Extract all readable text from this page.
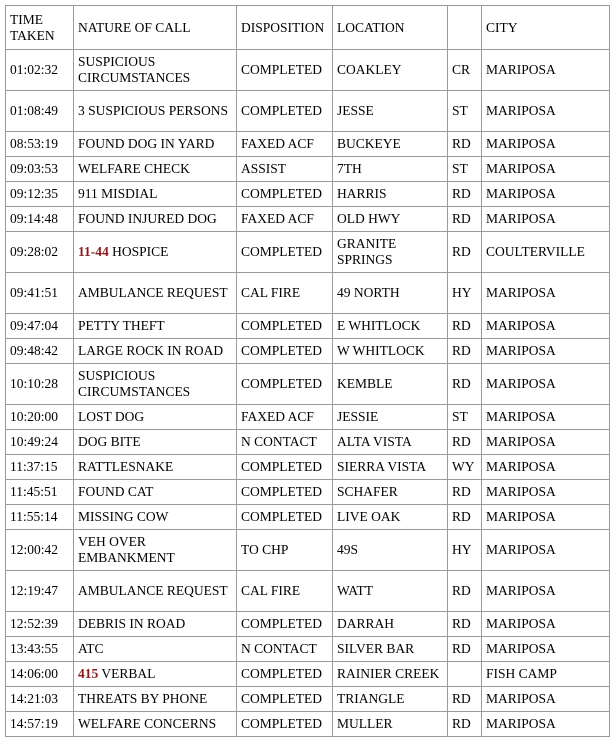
TIME TAKEN	NATURE OF CALL	DISPOSITION	LOCATION		CITY
01:02:32	SUSPICIOUS CIRCUMSTANCES	COMPLETED	COAKLEY	CR	MARIPOSA
01:08:49	3 SUSPICIOUS PERSONS	COMPLETED	JESSE	ST	MARIPOSA
08:53:19	FOUND DOG IN YARD	FAXED ACF	BUCKEYE	RD	MARIPOSA
09:03:53	WELFARE CHECK	ASSIST	7TH	ST	MARIPOSA
09:12:35	911 MISDIAL	COMPLETED	HARRIS	RD	MARIPOSA
09:14:48	FOUND INJURED DOG	FAXED ACF	OLD HWY	RD	MARIPOSA
09:28:02	11-44 HOSPICE	COMPLETED	GRANITE SPRINGS	RD	COULTERVILLE
09:41:51	AMBULANCE REQUEST	CAL FIRE	49 NORTH	HY	MARIPOSA
09:47:04	PETTY THEFT	COMPLETED	E WHITLOCK	RD	MARIPOSA
09:48:42	LARGE ROCK IN ROAD	COMPLETED	W WHITLOCK	RD	MARIPOSA
10:10:28	SUSPICIOUS CIRCUMSTANCES	COMPLETED	KEMBLE	RD	MARIPOSA
10:20:00	LOST DOG	FAXED ACF	JESSIE	ST	MARIPOSA
10:49:24	DOG BITE	N CONTACT	ALTA VISTA	RD	MARIPOSA
11:37:15	RATTLESNAKE	COMPLETED	SIERRA VISTA	WY	MARIPOSA
11:45:51	FOUND CAT	COMPLETED	SCHAFER	RD	MARIPOSA
11:55:14	MISSING COW	COMPLETED	LIVE OAK	RD	MARIPOSA
12:00:42	VEH OVER EMBANKMENT	TO CHP	49S	HY	MARIPOSA
12:19:47	AMBULANCE REQUEST	CAL FIRE	WATT	RD	MARIPOSA
12:52:39	DEBRIS IN ROAD	COMPLETED	DARRAH	RD	MARIPOSA
13:43:55	ATC	N CONTACT	SILVER BAR	RD	MARIPOSA
14:06:00	415 VERBAL	COMPLETED	RAINIER CREEK		FISH CAMP
14:21:03	THREATS BY PHONE	COMPLETED	TRIANGLE	RD	MARIPOSA
14:57:19	WELFARE CONCERNS	COMPLETED	MULLER	RD	MARIPOSA
